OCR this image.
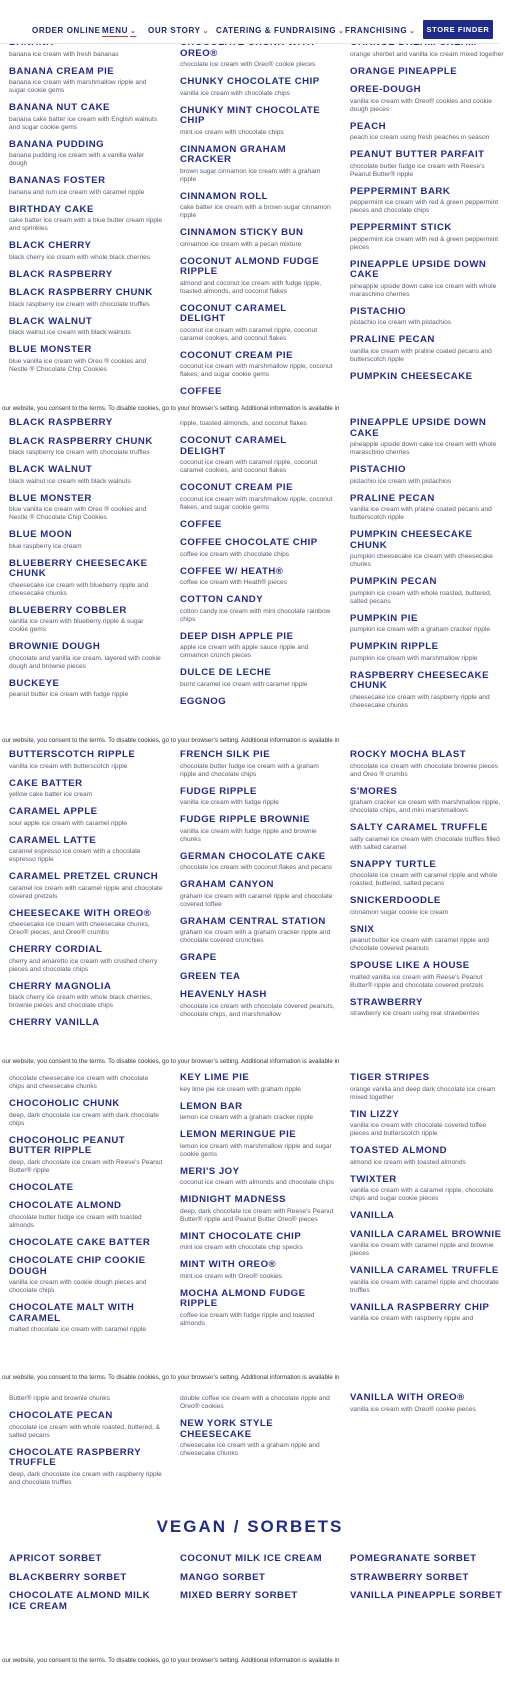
ORDER ONLINE MENU ⌄ OUR STORY ⌄ CATERING & FUNDRAISING ⌄ FRANCHISING ⌄	STORE FINDER
banana ice cream with fresh bananas
BANANA CREAM PIE
banana ice cream with marshmallow ripple and sugar cookie gems
BANANA NUT CAKE
banana cake batter ice cream with English walnuts and sugar cookie gems
BANANA PUDDING
banana pudding ice cream with a vanilla wafer dough
BANANAS FOSTER
banana and rum ice cream with caramel ripple
BIRTHDAY CAKE
cake batter ice cream with a blue butter cream ripple and sprinkles
BLACK CHERRY
black cherry ice cream with whole black cherries
BLACK RASPBERRY
BLACK RASPBERRY CHUNK
black raspberry ice cream with chocolate truffles
BLACK WALNUT
black walnut ice cream with black walnuts
BLUE MONSTER
blue vanilla ice cream with Oreo ® cookies and Nestle ® Chocolate Chip Cookies
OREO®
chocolate ice cream with Oreo® cookie pieces
CHUNKY CHOCOLATE CHIP
vanilla ice cream with chocolate chips
CHUNKY MINT CHOCOLATE CHIP
mint ice cream with chocolate chips
CINNAMON GRAHAM CRACKER
brown sugar cinnamon ice cream with a graham ripple
CINNAMON ROLL
cake batter ice cream with a brown sugar cinnamon ripple
CINNAMON STICKY BUN
cinnamon ice cream with a pecan mixture
COCONUT ALMOND FUDGE RIPPLE
almond and coconut ice cream with fudge ripple, toasted almonds, and coconut flakes
COCONUT CARAMEL DELIGHT
coconut ice cream with caramel ripple, coconut caramel cookies, and coconut flakes
COCONUT CREAM PIE
coconut ice cream with marshmallow ripple, coconut flakes, and sugar cookie gems
COFFEE
orange sherbet and vanilla ice cream mixed together
ORANGE PINEAPPLE
OREE-DOUGH
vanilla ice cream with Oreo® cookies and cookie dough pieces
PEACH
peach ice cream using fresh peaches in season
PEANUT BUTTER PARFAIT
chocolate butter fudge ice cream with Reese's Peanut Butter® ripple
PEPPERMINT BARK
peppermint ice cream with red & green peppermint pieces and chocolate chips
PEPPERMINT STICK
peppermint ice cream with red & green peppermint pieces
PINEAPPLE UPSIDE DOWN CAKE
pineapple upside down cake ice cream with whole maraschino cherries
PISTACHIO
pistachio ice cream with pistachios
PRALINE PECAN
vanilla ice cream with praline coated pecans and butterscotch ripple
PUMPKIN CHEESECAKE
BLACK RASPBERRY
BLACK RASPBERRY CHUNK
black raspberry ice cream with chocolate truffles
BLACK WALNUT
black walnut ice cream with black walnuts
BLUE MONSTER
blue vanilla ice cream with Oreo ® cookies and Nestle ® Chocolate Chip Cookies
BLUE MOON
blue raspberry ice cream
BLUEBERRY CHEESECAKE CHUNK
cheesecake ice cream with blueberry ripple and cheesecake chunks
BLUEBERRY COBBLER
vanilla ice cream with blueberry ripple & sugar cookie gems
BROWNIE DOUGH
chocolate and vanilla ice cream, layered with cookie dough and brownie pieces
BUCKEYE
peanut butter ice cream with fudge ripple
ripple, toasted almonds, and coconut flakes
COCONUT CARAMEL DELIGHT
coconut ice cream with caramel ripple, coconut caramel cookies, and coconut flakes
COCONUT CREAM PIE
coconut ice cream with marshmallow ripple, coconut flakes, and sugar cookie gems
COFFEE
COFFEE CHOCOLATE CHIP
coffee ice cream with chocolate chips
COFFEE W/ HEATH®
coffee ice cream with Heath® pieces
COTTON CANDY
cotton candy ice cream with mini chocolate rainbow chips
DEEP DISH APPLE PIE
apple ice cream with apple sauce ripple and cinnamon crunch pieces
DULCE DE LECHE
burnt caramel ice cream with caramel ripple
EGGNOG
PINEAPPLE UPSIDE DOWN CAKE
pineapple upside down cake ice cream with whole maraschino cherries
PISTACHIO
pistachio ice cream with pistachios
PRALINE PECAN
vanilla ice cream with praline coated pecans and butterscotch ripple
PUMPKIN CHEESECAKE CHUNK
pumpkin cheesecake ice cream with cheesecake chunks
PUMPKIN PECAN
pumpkin ice cream with whole roasted, buttered, salted pecans
PUMPKIN PIE
pumpkin ice cream with a graham cracker ripple
PUMPKIN RIPPLE
pumpkin ice cream with marshmallow ripple
RASPBERRY CHEESECAKE CHUNK
cheesecake ice cream with raspberry ripple and cheesecake chunks
BUTTERSCOTCH RIPPLE
vanilla ice cream with butterscotch ripple
CAKE BATTER
yellow cake batter ice cream
CARAMEL APPLE
sour apple ice cream with caramel ripple
CARAMEL LATTE
caramel espresso ice cream with a chocolate espresso ripple
CARAMEL PRETZEL CRUNCH
caramel ice cream with caramel ripple and chocolate covered pretzels
CHEESECAKE WITH OREO®
cheesecake ice cream with cheesecake chunks, Oreo® pieces, and Oreo® crumbs
CHERRY CORDIAL
cherry and amaretto ice cream with crushed cherry pieces and chocolate chips
CHERRY MAGNOLIA
black cherry ice cream with whole black cherries, brownie pieces and chocolate chips
CHERRY VANILLA
FRENCH SILK PIE
chocolate butter fudge ice cream with a graham ripple and chocolate chips
FUDGE RIPPLE
vanilla ice cream with fudge ripple
FUDGE RIPPLE BROWNIE
vanilla ice cream with fudge ripple and brownie chunks
GERMAN CHOCOLATE CAKE
chocolate ice cream with coconut flakes and pecans
GRAHAM CANYON
graham ice cream with caramel ripple and chocolate covered toffee
GRAHAM CENTRAL STATION
graham ice cream with a graham cracker ripple and chocolate covered crunchies
GRAPE
GREEN TEA
HEAVENLY HASH
chocolate ice cream with chocolate covered peanuts, chocolate chips, and marshmallow
ROCKY MOCHA BLAST
chocolate ice cream with chocolate brownie pieces and Oreo ® crumbs
S'MORES
graham cracker ice cream with marshmallow ripple, chocolate chips, and mini marshmallows
SALTY CARAMEL TRUFFLE
salty caramel ice cream with chocolate truffles filled with salted caramel
SNAPPY TURTLE
chocolate ice cream with caramel ripple and whole roasted, buttered, salted pecans
SNICKERDOODLE
cinnamon sugar cookie ice cream
SNIX
peanut butter ice cream with caramel ripple and chocolate covered peanuts
SPOUSE LIKE A HOUSE
malted vanilla ice cream with Reese's Peanut Butter® ripple and chocolate covered pretzels
STRAWBERRY
strawberry ice cream using real strawberries
chocolate cheesecake ice cream with chocolate chips and cheesecake chunks
CHOCOHOLIC CHUNK
deep, dark chocolate ice cream with dark chocolate chips
CHOCOHOLIC PEANUT BUTTER RIPPLE
deep, dark chocolate ice cream with Reese's Peanut Butter® ripple
CHOCOLATE
CHOCOLATE ALMOND
chocolate butter fudge ice cream with toasted almonds
CHOCOLATE CAKE BATTER
CHOCOLATE CHIP COOKIE DOUGH
vanilla ice cream with cookie dough pieces and chocolate chips
CHOCOLATE MALT WITH CARAMEL
malted chocolate ice cream with caramel ripple
KEY LIME PIE
key lime pie ice cream with graham ripple
LEMON BAR
lemon ice cream with a graham cracker ripple
LEMON MERINGUE PIE
lemon ice cream with marshmallow ripple and sugar cookie gems
MERI'S JOY
coconut ice cream with almonds and chocolate chips
MIDNIGHT MADNESS
deep, dark chocolate ice cream with Reese's Peanut Butter® ripple and Peanut Butter Oreo® pieces
MINT CHOCOLATE CHIP
mint ice cream with chocolate chip specks
MINT WITH OREO®
mint ice cream with Oreo® cookies
MOCHA ALMOND FUDGE RIPPLE
coffee ice cream with fudge ripple and toasted almonds
TIGER STRIPES
orange vanilla and deep dark chocolate ice cream mixed together
TIN LIZZY
vanilla ice cream with chocolate covered toffee pieces and butterscotch ripple
TOASTED ALMOND
almond ice cream with toasted almonds
TWIXTER
vanilla ice cream with a caramel ripple, chocolate chips and sugar cookie pieces
VANILLA
VANILLA CARAMEL BROWNIE
vanilla ice cream with caramel ripple and brownie pieces
VANILLA CARAMEL TRUFFLE
vanilla ice cream with caramel ripple and chocolate truffles
VANILLA RASPBERRY CHIP
vanilla ice cream with raspberry ripple and
Butter® ripple and brownie chunks
CHOCOLATE PECAN
chocolate ice cream with whole roasted, buttered, & salted pecans
CHOCOLATE RASPBERRY TRUFFLE
deep, dark chocolate ice cream with raspberry ripple and chocolate truffles
double coffee ice cream with a chocolate ripple and Oreo® cookies
NEW YORK STYLE CHEESECAKE
cheesecake ice cream with a graham ripple and cheesecake chunks
VANILLA WITH OREO®
vanilla ice cream with Oreo® cookie pieces
our website, you consent to the terms. To disable cookies, go to your browser’s setting. Additional information is available in
our website, you consent to the terms. To disable cookies, go to your browser’s setting. Additional information is available in
our website, you consent to the terms. To disable cookies, go to your browser’s setting. Additional information is available in
our website, you consent to the terms. To disable cookies, go to your browser’s setting. Additional information is available in
our website, you consent to the terms. To disable cookies, go to your browser’s setting. Additional information is available in
VEGAN / SORBETS
APRICOT SORBET
BLACKBERRY SORBET
CHOCOLATE ALMOND MILK ICE CREAM
COCONUT MILK ICE CREAM
MANGO SORBET
MIXED BERRY SORBET
POMEGRANATE SORBET
STRAWBERRY SORBET
VANILLA PINEAPPLE SORBET
